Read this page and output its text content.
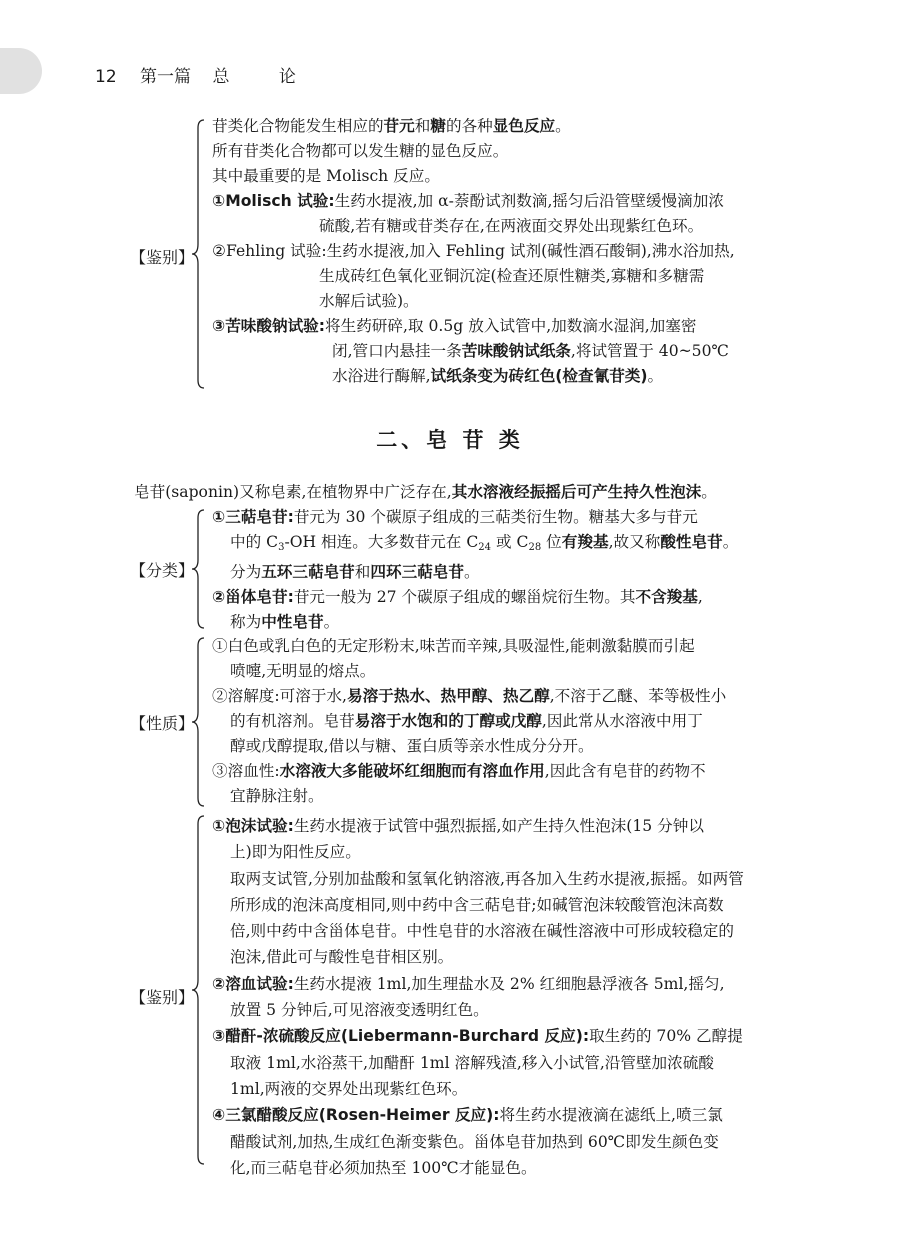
12 第一篇 总 论
【鉴别】
苷类化合物能发生相应的苷元和糖的各种显色反应。
所有苷类化合物都可以发生糖的显色反应。
其中最重要的是 Molisch 反应。
①Molisch 试验:生药水提液,加 α-萘酚试剂数滴,摇匀后沿管壁缓慢滴加浓
硫酸,若有糖或苷类存在,在两液面交界处出现紫红色环。
②Fehling 试验:生药水提液,加入 Fehling 试剂(碱性酒石酸铜),沸水浴加热,
生成砖红色氧化亚铜沉淀(检查还原性糖类,寡糖和多糖需
水解后试验)。
③苦味酸钠试验:将生药研碎,取 0.5g 放入试管中,加数滴水湿润,加塞密
闭,管口内悬挂一条苦味酸钠试纸条,将试管置于 40~50℃
水浴进行酶解,试纸条变为砖红色(检查氰苷类)。
二、皂 苷 类
皂苷(saponin)又称皂素,在植物界中广泛存在,其水溶液经振摇后可产生持久性泡沫。
【分类】
①三萜皂苷:苷元为 30 个碳原子组成的三萜类衍生物。糖基大多与苷元
中的 $C_3-OH$ 相连。大多数苷元在 $C_{24}$ 或 $C_{28}$ 位有羧基,故又称酸性皂苷。
分为五环三萜皂苷和四环三萜皂苷。
②甾体皂苷:苷元一般为 27 个碳原子组成的螺甾烷衍生物。其不含羧基,
称为中性皂苷。
【性质】
①白色或乳白色的无定形粉末,味苦而辛辣,具吸湿性,能刺激黏膜而引起
喷嚏,无明显的熔点。
②溶解度:可溶于水,易溶于热水、热甲醇、热乙醇,不溶于乙醚、苯等极性小
的有机溶剂。皂苷易溶于水饱和的丁醇或戊醇,因此常从水溶液中用丁
醇或戊醇提取,借以与糖、蛋白质等亲水性成分分开。
③溶血性:水溶液大多能破坏红细胞而有溶血作用,因此含有皂苷的药物不
宜静脉注射。
【鉴别】
①泡沫试验:生药水提液于试管中强烈振摇,如产生持久性泡沫(15 分钟以
上)即为阳性反应。
取两支试管,分别加盐酸和氢氧化钠溶液,再各加入生药水提液,振摇。如两管
所形成的泡沫高度相同,则中药中含三萜皂苷;如碱管泡沫较酸管泡沫高数
倍,则中药中含甾体皂苷。中性皂苷的水溶液在碱性溶液中可形成较稳定的
泡沫,借此可与酸性皂苷相区别。
②溶血试验:生药水提液 1ml,加生理盐水及 2% 红细胞悬浮液各 5ml,摇匀,
放置 5 分钟后,可见溶液变透明红色。
③醋酐-浓硫酸反应(Liebermann-Burchard 反应):取生药的 70% 乙醇提
取液 1ml,水浴蒸干,加醋酐 1ml 溶解残渣,移入小试管,沿管壁加浓硫酸
1ml,两液的交界处出现紫红色环。
④三氯醋酸反应(Rosen-Heimer 反应):将生药水提液滴在滤纸上,喷三氯
醋酸试剂,加热,生成红色渐变紫色。甾体皂苷加热到 60℃即发生颜色变
化,而三萜皂苷必须加热至 100℃才能显色。
